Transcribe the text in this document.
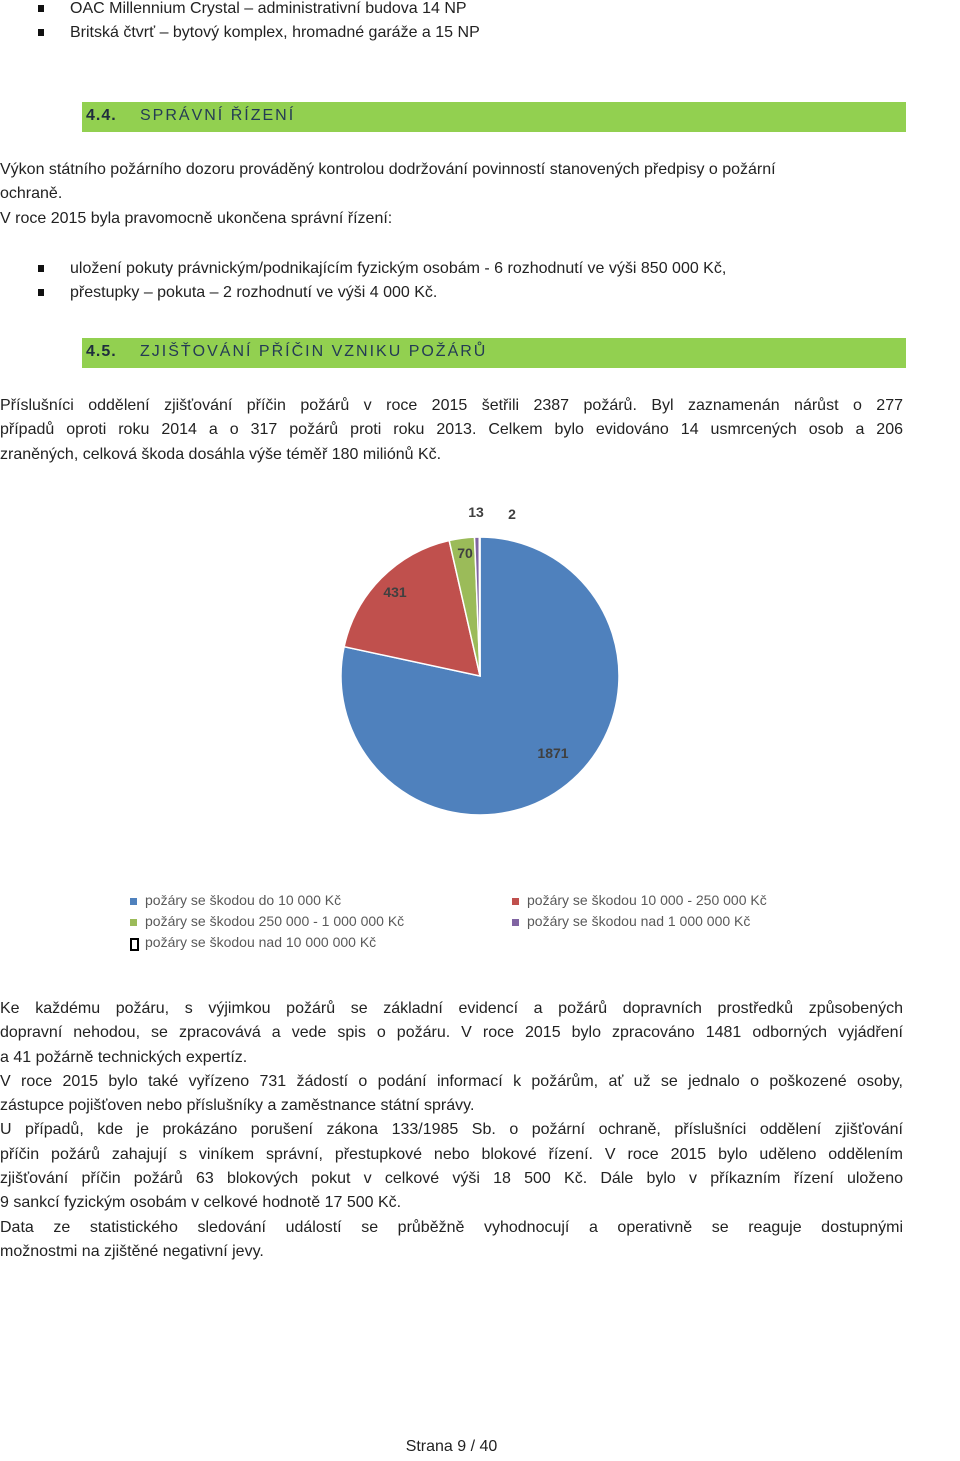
OAC Millennium Crystal – administrativní budova 14 NP
Britská čtvrť – bytový komplex, hromadné garáže a 15 NP
4.4. SPRÁVNÍ ŘÍZENÍ
Výkon státního požárního dozoru prováděný kontrolou dodržování povinností stanovených předpisy o požární
ochraně.
V roce 2015 byla pravomocně ukončena správní řízení:
uložení pokuty právnickým/podnikajícím fyzickým osobám - 6 rozhodnutí ve výši 850 000 Kč,
přestupky – pokuta – 2 rozhodnutí ve výši 4 000 Kč.
4.5. ZJIŠŤOVÁNÍ PŘÍČIN VZNIKU POŽÁRŮ
Příslušníci oddělení zjišťování příčin požárů v roce 2015 šetřili 2387 požárů. Byl zaznamenán nárůst o 277
případů oproti roku 2014 a o 317 požárů proti roku 2013. Celkem bylo evidováno 14 usmrcených osob a 206
zraněných, celková škoda dosáhla výše téměř 180 miliónů Kč.
1871
431
70
13 2
požáry se škodou do 10 000 Kč	požáry se škodou 10 000 - 250 000 Kč
požáry se škodou 250 000 - 1 000 000 Kč	požáry se škodou nad 1 000 000 Kč
požáry se škodou nad 10 000 000 Kč
Ke každému požáru, s výjimkou požárů se základní evidencí a požárů dopravních prostředků způsobených
dopravní nehodou, se zpracovává a vede spis o požáru. V roce 2015 bylo zpracováno 1481 odborných vyjádření
a 41 požárně technických expertíz.
V roce 2015 bylo také vyřízeno 731 žádostí o podání informací k požárům, ať už se jednalo o poškozené osoby,
zástupce pojišťoven nebo příslušníky a zaměstnance státní správy.
U případů, kde je prokázáno porušení zákona 133/1985 Sb. o požární ochraně, příslušníci oddělení zjišťování
příčin požárů zahajují s viníkem správní, přestupkové nebo blokové řízení. V roce 2015 bylo uděleno oddělením
zjišťování příčin požárů 63 blokových pokut v celkové výši 18 500 Kč. Dále bylo v příkazním řízení uloženo
9 sankcí fyzickým osobám v celkové hodnotě 17 500 Kč.
Data ze statistického sledování událostí se průběžně vyhodnocují a operativně se reaguje dostupnými
možnostmi na zjištěné negativní jevy.
Strana 9 / 40
